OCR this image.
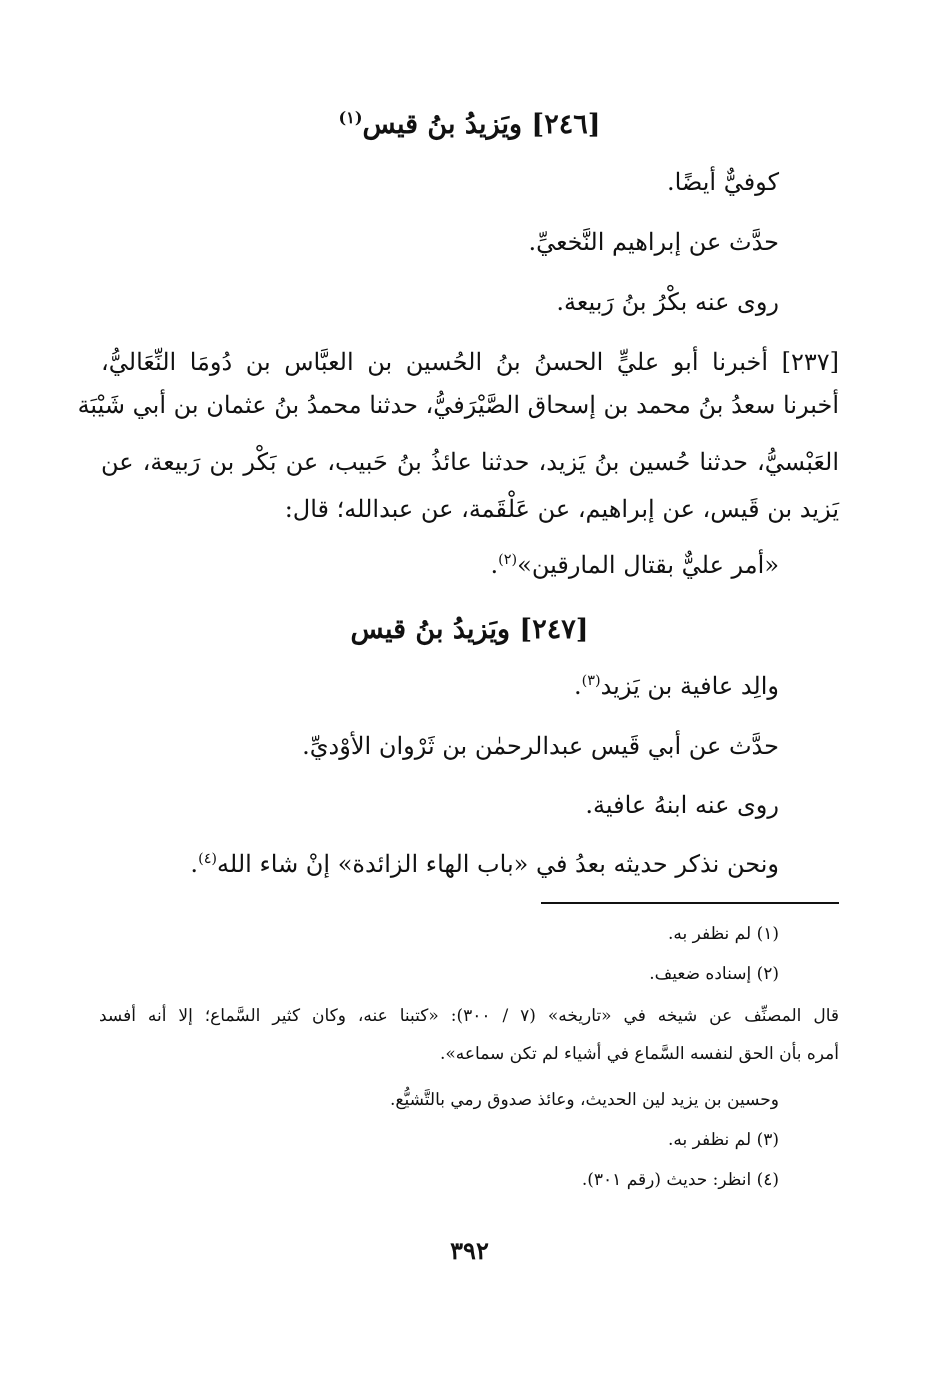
[٢٤٦] ويَزيدُ بنُ قيس$^{(١)}$
كوفيٌّ أيضًا.
حدَّث عن إبراهيم النَّخعيِّ.
روى عنه بكْرُ بنُ رَبيعة.
[٢٣٧] أخبرنا أبو عليٍّ الحسنُ بنُ الحُسين بن العبَّاس بن دُومَا النِّعَاليُّ،
أخبرنا سعدُ بنُ محمد بن إسحاق الصَّيْرَفيُّ، حدثنا محمدُ بنُ عثمان بن أبي شَيْبَة
العَبْسيُّ، حدثنا حُسين بنُ يَزيد، حدثنا عائذُ بنُ حَبيب، عن بَكْر بن رَبيعة، عن
يَزيد بن قَيس، عن إبراهيم، عن عَلْقَمة، عن عبدالله؛ قال:
«أمر عليٌّ بقتال المارقين»$^{(٢)}$.
[٢٤٧] ويَزيدُ بنُ قيس
والِد عافية بن يَزيد$^{(٣)}$.
حدَّث عن أبي قَيس عبدالرحمٰن بن ثَرْوان الأوْديِّ.
روى عنه ابنهُ عافية.
ونحن نذكر حديثه بعدُ في «باب الهاء الزائدة» إنْ شاء الله$^{(٤)}$.
(١) لم نظفر به.
(٢) إسناده ضعيف.
قال المصنِّف عن شيخه في «تاريخه» (٧ / ٣٠٠): «كتبنا عنه، وكان كثير السَّماع؛ إلا أنه أفسد
أمره بأن الحق لنفسه السَّماع في أشياء لم تكن سماعه».
وحسين بن يزيد لين الحديث، وعائذ صدوق رمي بالتَّشيُّع.
(٣) لم نظفر به.
(٤) انظر: حديث (رقم ٣٠١).
٣٩٢
